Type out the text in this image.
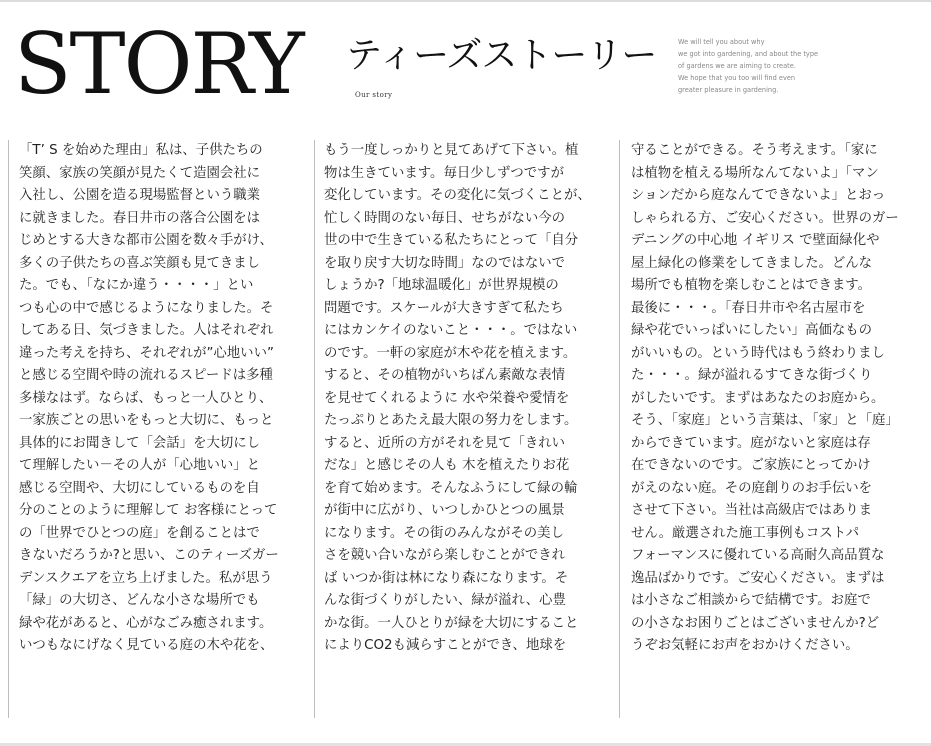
STORY ティーズストーリー
Our story
We will tell you about why
we got into gardening, and about the type
of gardens we are aiming to create.
We hope that you too will find even
greater pleasure in gardening.
「T’ S を始めた理由」私は、子供たちの
笑顔、家族の笑顔が見たくて造園会社に
入社し、公園を造る現場監督という職業
に就きました。春日井市の落合公園をは
じめとする大きな都市公園を数々手がけ、
多くの子供たちの喜ぶ笑顔も見てきまし
た。でも、「なにか違う・・・・」とい
つも心の中で感じるようになりました。そ
してある日、気づきました。人はそれぞれ
違った考えを持ち、それぞれが”心地いい”
と感じる空間や時の流れるスピードは多種
多様なはず。ならば、もっと一人ひとり、
一家族ごとの思いをもっと大切に、もっと
具体的にお聞きして「会話」を大切にし
て理解したい－その人が「心地いい」と
感じる空間や、大切にしているものを自
分のことのように理解して お客様にとって
の「世界でひとつの庭」を創ることはで
きないだろうか?と思い、このティーズガー
デンスクエアを立ち上げました。私が思う
「緑」の大切さ、どんな小さな場所でも
緑や花があると、心がなごみ癒されます。
いつもなにげなく見ている庭の木や花を、
もう一度しっかりと見てあげて下さい。植
物は生きています。毎日少しずつですが
変化しています。その変化に気づくことが、
忙しく時間のない毎日、せちがない今の
世の中で生きている私たちにとって「自分
を取り戻す大切な時間」なのではないで
しょうか?「地球温暖化」が世界規模の
問題です。スケールが大きすぎて私たち
にはカンケイのないこと・・・。ではない
のです。一軒の家庭が木や花を植えます。
すると、その植物がいちばん素敵な表情
を見せてくれるように 水や栄養や愛情を
たっぷりとあたえ最大限の努力をします。
すると、近所の方がそれを見て「きれい
だな」と感じその人も 木を植えたりお花
を育て始めます。そんなふうにして緑の輪
が街中に広がり、いつしかひとつの風景
になります。その街のみんながその美し
さを競い合いながら楽しむことができれ
ば いつか街は林になり森になります。そ
んな街づくりがしたい、緑が溢れ、心豊
かな街。一人ひとりが緑を大切にすること
によりCO2も減らすことができ、地球を
守ることができる。そう考えます。「家に
は植物を植える場所なんてないよ」「マン
ションだから庭なんてできないよ」とおっ
しゃられる方、ご安心ください。世界のガー
デニングの中心地 イギリス で壁面緑化や
屋上緑化の修業をしてきました。どんな
場所でも植物を楽しむことはできます。
最後に・・・。「春日井市や名古屋市を
緑や花でいっぱいにしたい」高価なもの
がいいもの。という時代はもう終わりまし
た・・・。緑が溢れるすてきな街づくり
がしたいです。まずはあなたのお庭から。
そう、「家庭」という言葉は、「家」と「庭」
からできています。庭がないと家庭は存
在できないのです。ご家族にとってかけ
がえのない庭。その庭創りのお手伝いを
させて下さい。当社は高級店ではありま
せん。厳選された施工事例もコストパ
フォーマンスに優れている高耐久高品質な
逸品ばかりです。ご安心ください。まずは
は小さなご相談からで結構です。お庭で
の小さなお困りごとはございませんか?ど
うぞお気軽にお声をおかけください。
